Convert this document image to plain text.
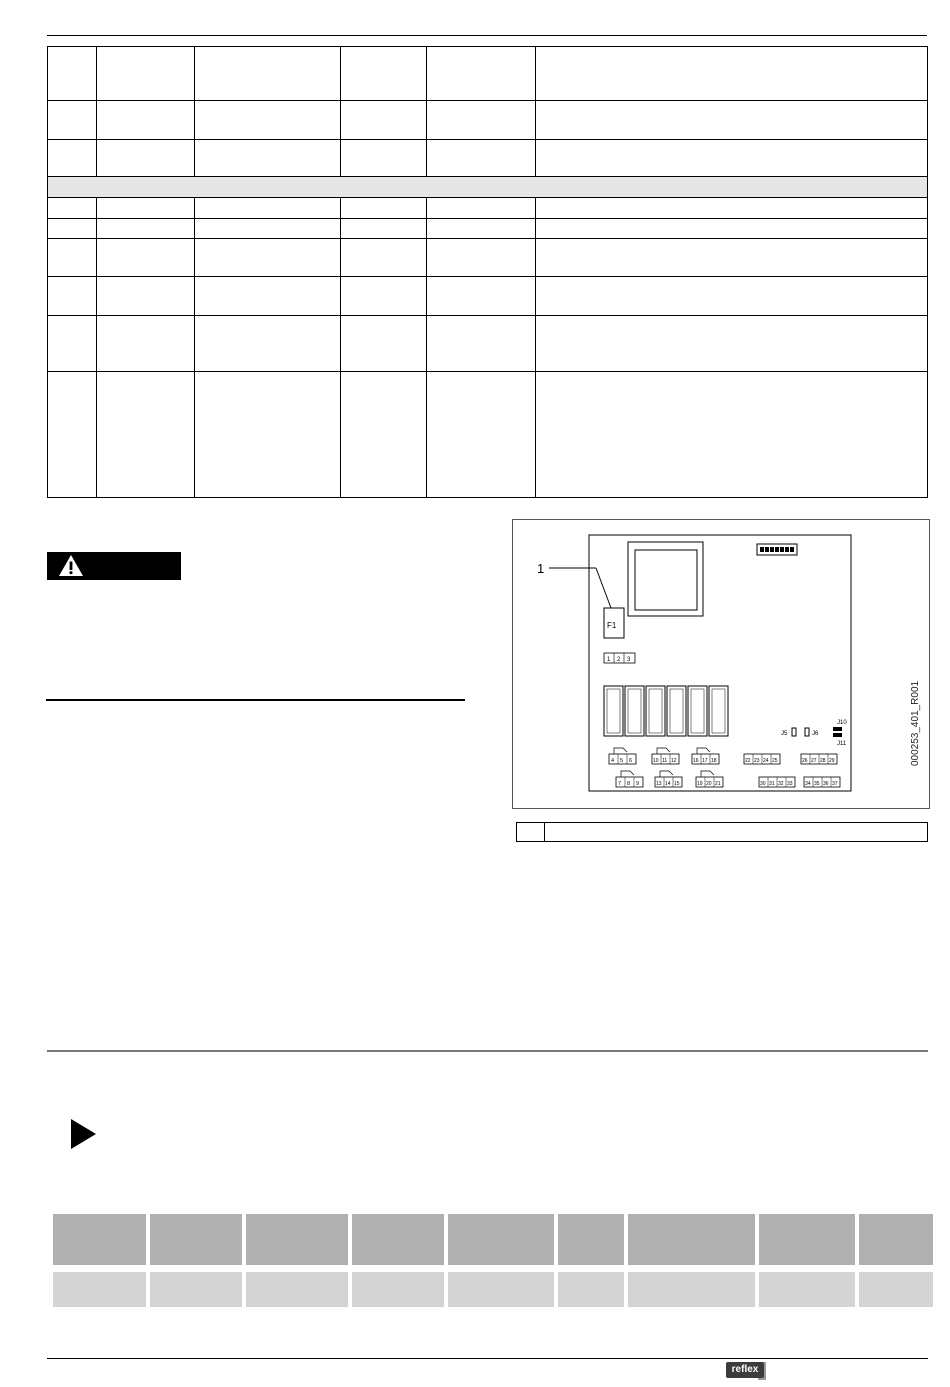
1
F1
1 2 3
J5	J6
J10
J11
4 5 6	10 11 12	16 17 18
7 8 9	13 14 15	19 20 21
22 23 24 25	26 27 28 29
30 31 32 33 34 35 36 37
000253_401_R001
reflex
